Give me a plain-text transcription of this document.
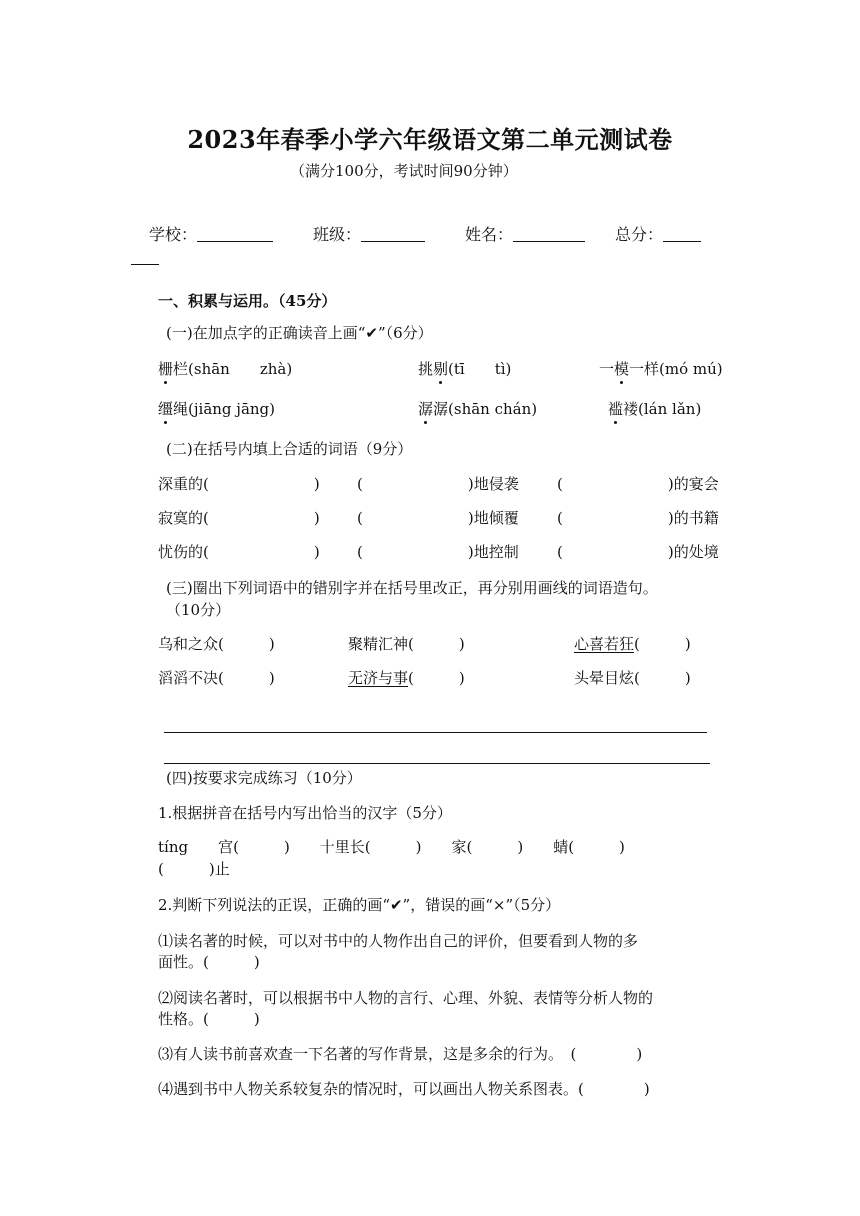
2023年春季小学六年级语文第二单元测试卷
（满分100分，考试时间90分钟）
学校：	班级：	姓名：	总分：
一、积累与运用。（45分）
(一)在加点字的正确读音上画“✔”（6分）
栅栏(shān　　zhà)	挑剔(tī　　tì)	一模一样(mó mú)
缰绳(jiāng jāng)	潺潺(shān chán)	褴褛(lán lǎn)
(二)在括号内填上合适的词语（9分）
深重的(　　　　　　　) (　　　　　　　)地侵袭	(　　　　　　　)的宴会
寂寞的(　　　　　　　) (　　　　　　　)地倾覆	(　　　　　　　)的书籍
忧伤的(　　　　　　　) (　　　　　　　)地控制	(　　　　　　　)的处境
(三)圈出下列词语中的错别字并在括号里改正，再分别用画线的词语造句。
（10分）
乌和之众(　　　)	聚精汇神(　　　)	心喜若狂(　　　)
滔滔不决(　　　)	无济与事(　　　)	头晕目炫(　　　)
(四)按要求完成练习（10分）
1.根据拼音在括号内写出恰当的汉字（5分）
tíng　　宫(　　　)　　十里长(　　　)　　家(　　　)　　蜻(　　　)
(　　　)止
2.判断下列说法的正误，正确的画“✔”，错误的画“×”（5分）
⑴读名著的时候，可以对书中的人物作出自己的评价，但要看到人物的多
面性。(　　　)
⑵阅读名著时，可以根据书中人物的言行、心理、外貌、表情等分析人物的
性格。(　　　)
⑶有人读书前喜欢查一下名著的写作背景，这是多余的行为。　(　　　　)
⑷遇到书中人物关系较复杂的情况时，可以画出人物关系图表。(　　　　)
